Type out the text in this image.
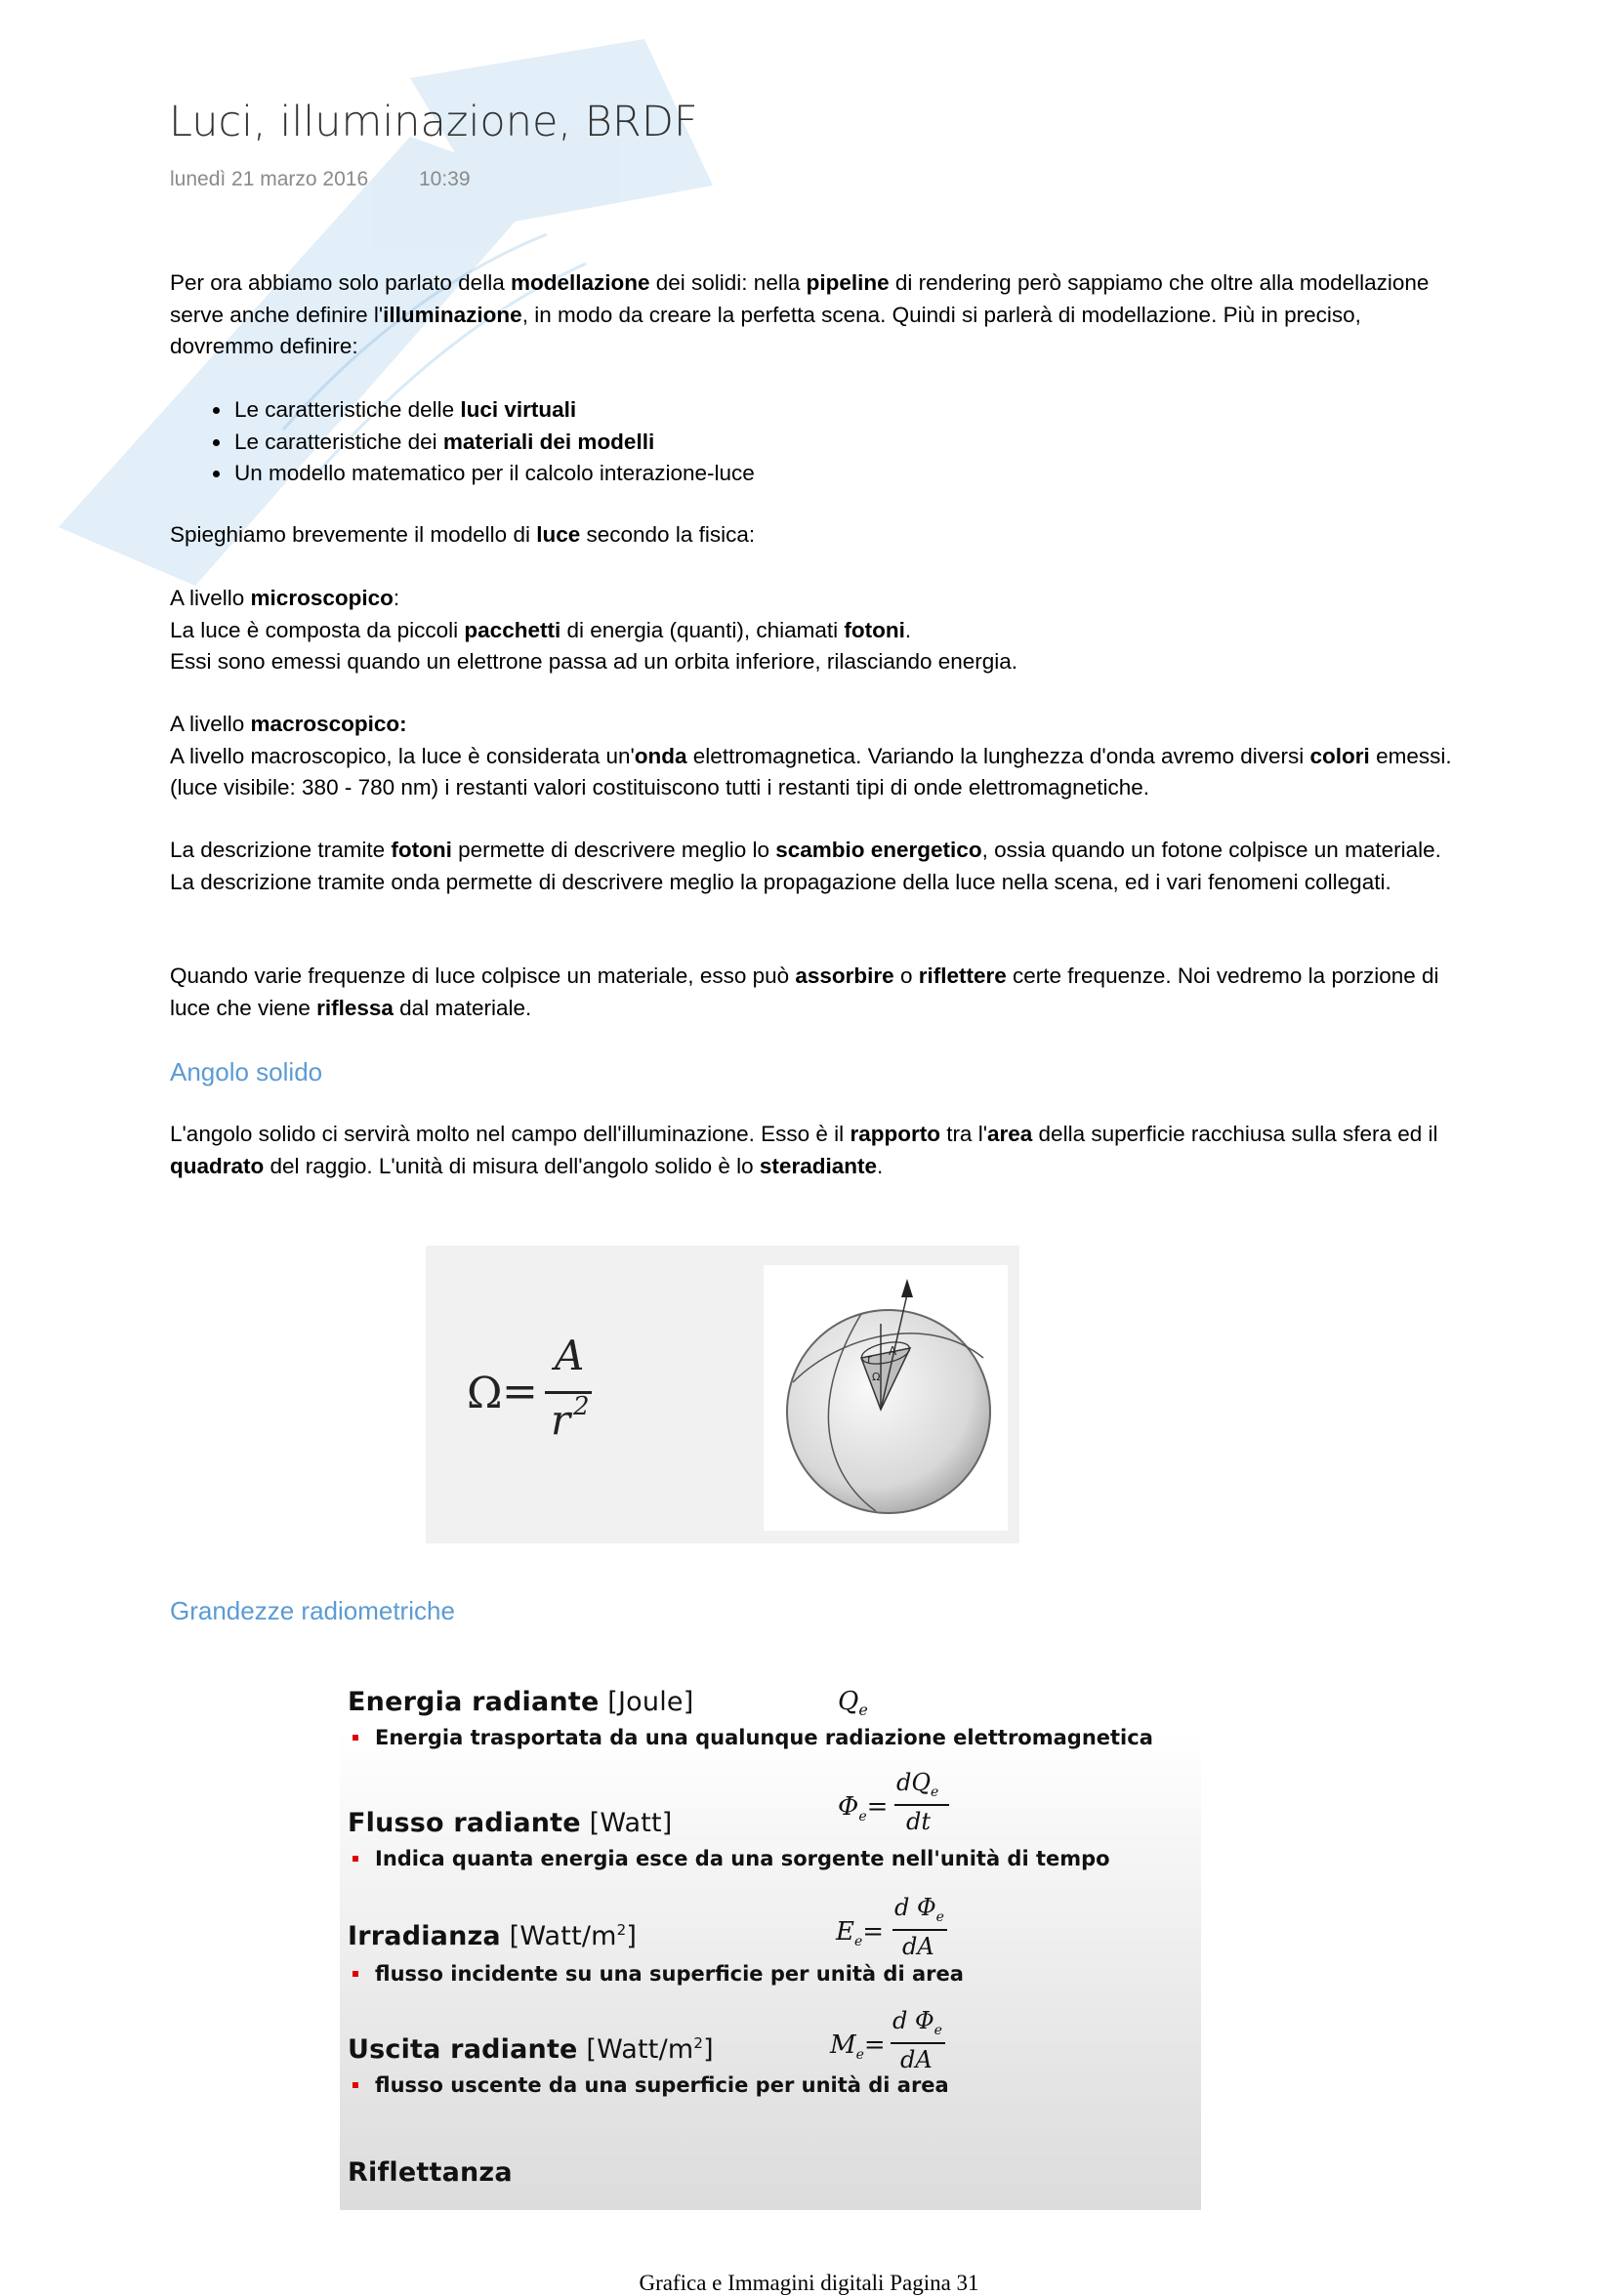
Luci, illuminazione, BRDF
lunedì 21 marzo 2016 10:39
Per ora abbiamo solo parlato della modellazione dei solidi: nella pipeline di rendering però sappiamo che oltre alla modellazione serve anche definire l'illuminazione, in modo da creare la perfetta scena. Quindi si parlerà di modellazione. Più in preciso, dovremmo definire:
• Le caratteristiche delle luci virtuali
• Le caratteristiche dei materiali dei modelli
• Un modello matematico per il calcolo interazione-luce
Spieghiamo brevemente il modello di luce secondo la fisica:
A livello microscopico:
La luce è composta da piccoli pacchetti di energia (quanti), chiamati fotoni.
Essi sono emessi quando un elettrone passa ad un orbita inferiore, rilasciando energia.
A livello macroscopico:
A livello macroscopico, la luce è considerata un'onda elettromagnetica. Variando la lunghezza d'onda avremo diversi colori emessi. (luce visibile: 380 - 780 nm) i restanti valori costituiscono tutti i restanti tipi di onde elettromagnetiche.
La descrizione tramite fotoni permette di descrivere meglio lo scambio energetico, ossia quando un fotone colpisce un materiale. La descrizione tramite onda permette di descrivere meglio la propagazione della luce nella scena, ed i vari fenomeni collegati.
Quando varie frequenze di luce colpisce un materiale, esso può assorbire o riflettere certe frequenze. Noi vedremo la porzione di luce che viene riflessa dal materiale.
Angolo solido
L'angolo solido ci servirà molto nel campo dell'illuminazione. Esso è il rapporto tra l'area della superficie racchiusa sulla sfera ed il quadrato del raggio. L'unità di misura dell'angolo solido è lo steradiante.
Ω =
A
r 2
r
A
Ω
Grandezze radiometriche
Energia radiante [Joule]
Energia trasportata da una qualunque radiazione elettromagnetica
$Q_e$
Flusso radiante [Watt]
Indica quanta energia esce da una sorgente nell'unità di tempo
$\Phi_e=$
$dQ_e$
dt
Irradianza $[Watt/m^2]$
flusso incidente su una superficie per unità di area
$E_e=$
d $\Phi_e$
dA
Uscita radiante $[Watt/m^2]$
flusso uscente da una superficie per unità di area
$M_e=$
d $\Phi_e$
dA
Riflettanza
Grafica e Immagini digitali Pagina 31
